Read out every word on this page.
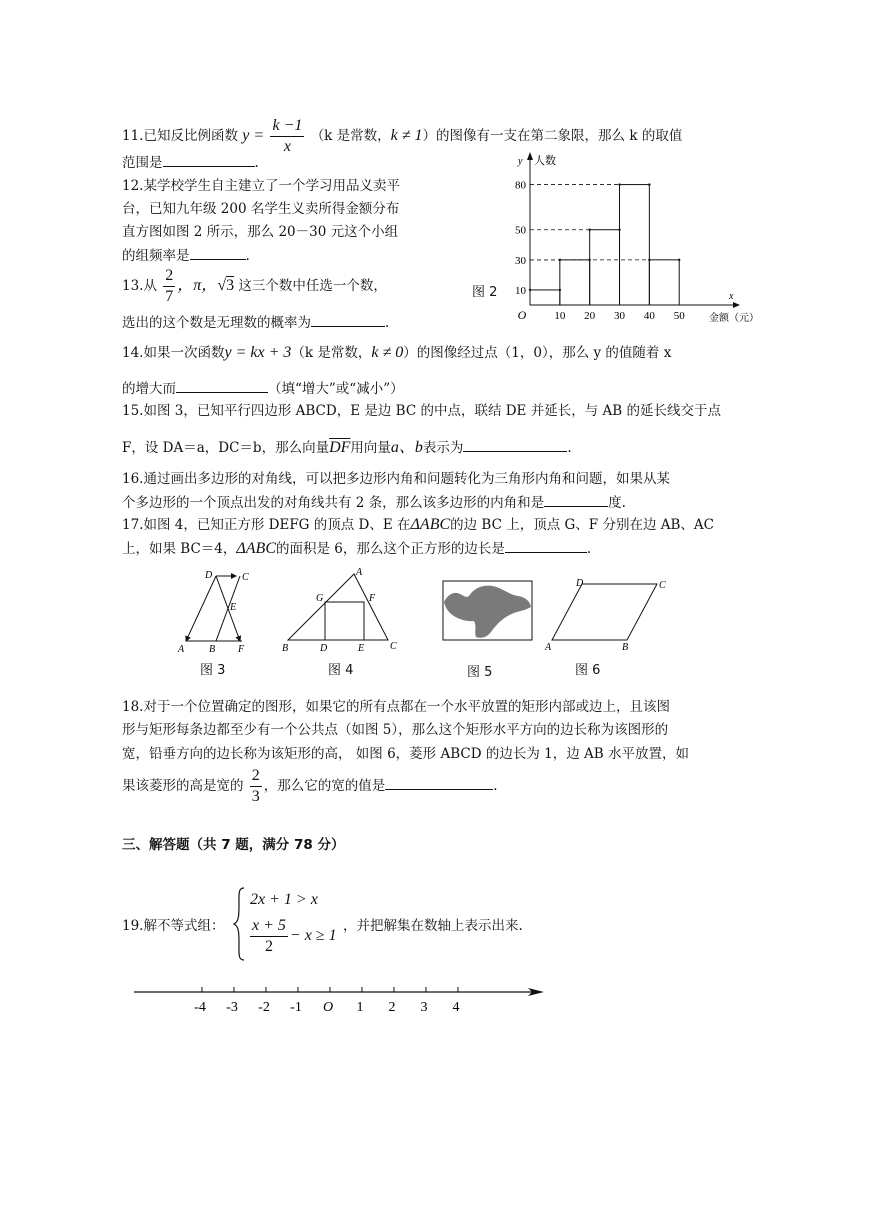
11.已知反比例函数 $y = \frac{k -1}{x} (k$ 是常数，k ≠ 1）的图像有一支在第二象限，那么 k 的取值
范围是	.
12.某学校学生自主建立了一个学习用品义卖平
台，已知九年级 200 名学生义卖所得金额分布
直方图如图 2 所示，那么 20－30 元这个小组
的组频率是	.
13.从 $\frac{2}{7}$ ，π，√3 这三个数中任选一个数，
选出的这个数是无理数的概率为	.	10 20 30 40 50
10
30
50
80
O
y 人数
x
金额（元）
图 2
14.如果一次函数y = kx + 3（k 是常数，k ≠ 0）的图像经过点（1，0），那么 y 的值随着 x
的增大而	（填“增大”或“减小”）
15.如图 3，已知平行四边形 ABCD，E 是边 BC 的中点，联结 DE 并延长，与 AB 的延长线交于点
F，设 DA＝a，DC＝b，那么向量$\overline{DF}$用向量a、b表示为	.
16.通过画出多边形的对角线，可以把多边形内角和问题转化为三角形内角和问题，如果从某
个多边形的一个顶点出发的对角线共有 2 条，那么该多边形的内角和是	度.
17.如图 4，已知正方形 DEFG 的顶点 D、E 在ΔABC的边 BC 上，顶点 G、F 分别在边 AB、AC
上，如果 BC＝4，ΔABC的面积是 6，那么这个正方形的边长是	.
D	C
E
A B F
图 3
A
G	F
B	D	E	C
图 4	图 5
D	C
A	B
图 6
18.对于一个位置确定的图形，如果它的所有点都在一个水平放置的矩形内部或边上，且该图
形与矩形每条边都至少有一个公共点（如图 5），那么这个矩形水平方向的边长称为该图形的
宽，铅垂方向的边长称为该矩形的高， 如图 6，菱形 ABCD 的边长为 1，边 AB 水平放置，如
果该菱形的高是宽的 $\frac{2}{3}$ ，那么它的宽的值是	.
三、解答题（共 7 题，满分 78 分）
19.解不等式组：
2x + 1 > x
$\frac{x + 5}{2} - x \ge 1$
，并把解集在数轴上表示出来.
-4 -3 -2 -1 O 1 2 3 4
